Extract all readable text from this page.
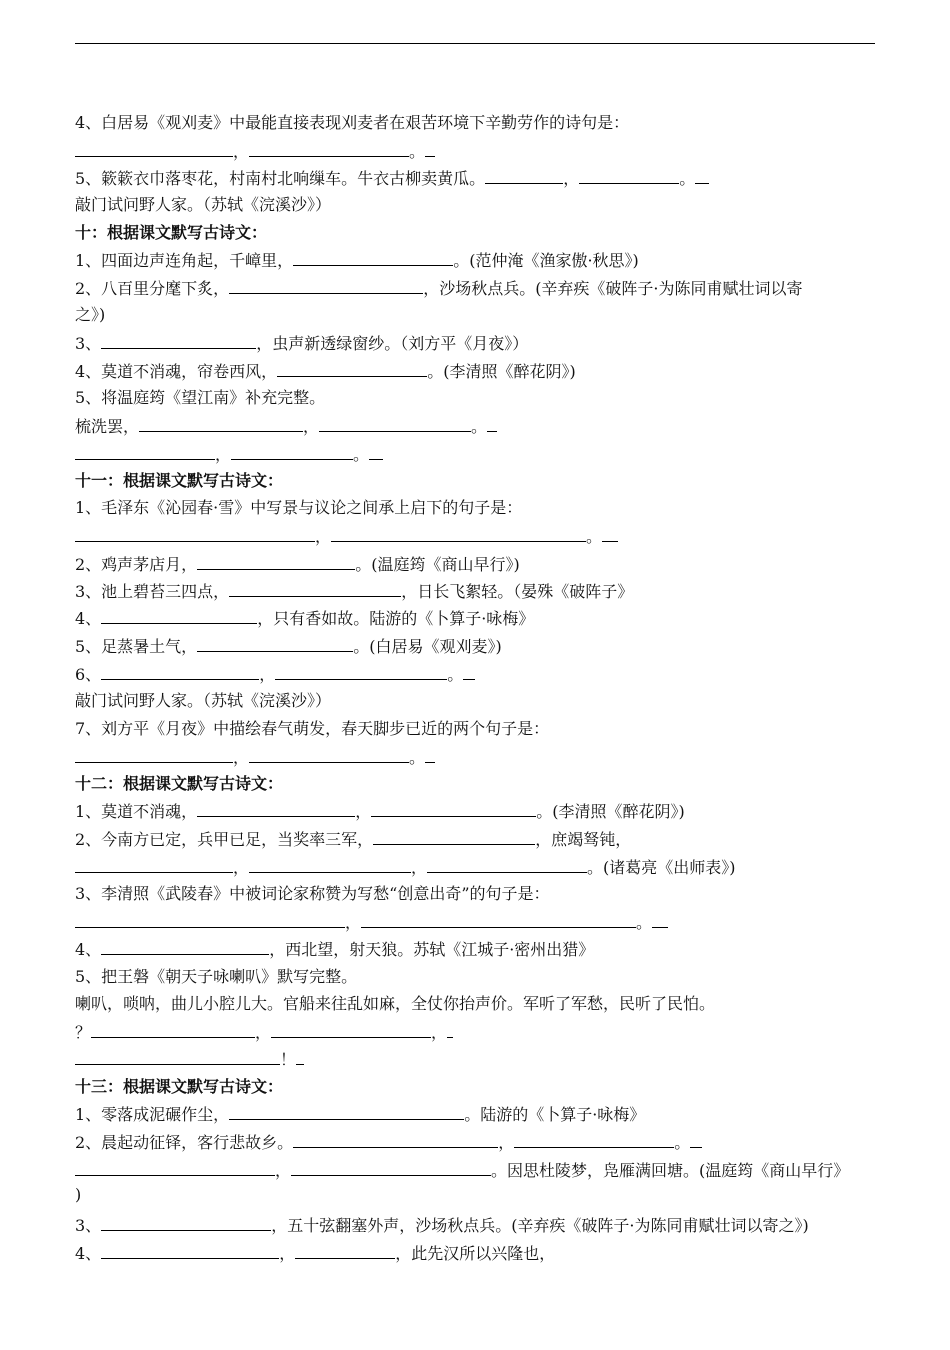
4、白居易《观刈麦》中最能直接表现刈麦者在艰苦环境下辛勤劳作的诗句是：
，	。
5、簌簌衣巾落枣花，村南村北响缫车。牛衣古柳卖黄瓜。	，	。
敲门试问野人家。（苏轼《浣溪沙》）
十：根据课文默写古诗文：
1、四面边声连角起，千嶂里，	。(范仲淹《渔家傲·秋思》)
2、八百里分麾下炙，	，沙场秋点兵。(辛弃疾《破阵子·为陈同甫赋壮词以寄
之》)
3、	，虫声新透绿窗纱。（刘方平《月夜》）
4、莫道不消魂，帘卷西风，	。(李清照《醉花阴》)
5、将温庭筠《望江南》补充完整。
梳洗罢，	，	。
，	。
十一：根据课文默写古诗文：
1、毛泽东《沁园春·雪》中写景与议论之间承上启下的句子是：
，	。
2、鸡声茅店月，	。(温庭筠《商山早行》)
3、池上碧苔三四点，	，日长飞絮轻。（晏殊《破阵子》
4、	，只有香如故。陆游的《卜算子·咏梅》
5、足蒸暑土气，	。(白居易《观刈麦》)
6、	，	。
敲门试问野人家。（苏轼《浣溪沙》）
7、刘方平《月夜》中描绘春气萌发，春天脚步已近的两个句子是：
，	。
十二：根据课文默写古诗文：
1、莫道不消魂，	，	。(李清照《醉花阴》)
2、今南方已定，兵甲已足，当奖率三军，	，庶竭驽钝，
，	，	。(诸葛亮《出师表》)
3、李清照《武陵春》中被词论家称赞为写愁“创意出奇”的句子是：
，	。
4、	，西北望，射天狼。苏轼《江城子·密州出猎》
5、把王磐《朝天子咏喇叭》默写完整。
喇叭，唢呐，曲儿小腔儿大。官船来往乱如麻，全仗你抬声价。军听了军愁，民听了民怕。
？	，	，
！
十三：根据课文默写古诗文：
1、零落成泥碾作尘，	。陆游的《卜算子·咏梅》
2、晨起动征铎，客行悲故乡。	，	。
，	。因思杜陵梦，凫雁满回塘。(温庭筠《商山早行》
)
3、	，五十弦翻塞外声，沙场秋点兵。(辛弃疾《破阵子·为陈同甫赋壮词以寄之》)
4、	，	，此先汉所以兴隆也，
